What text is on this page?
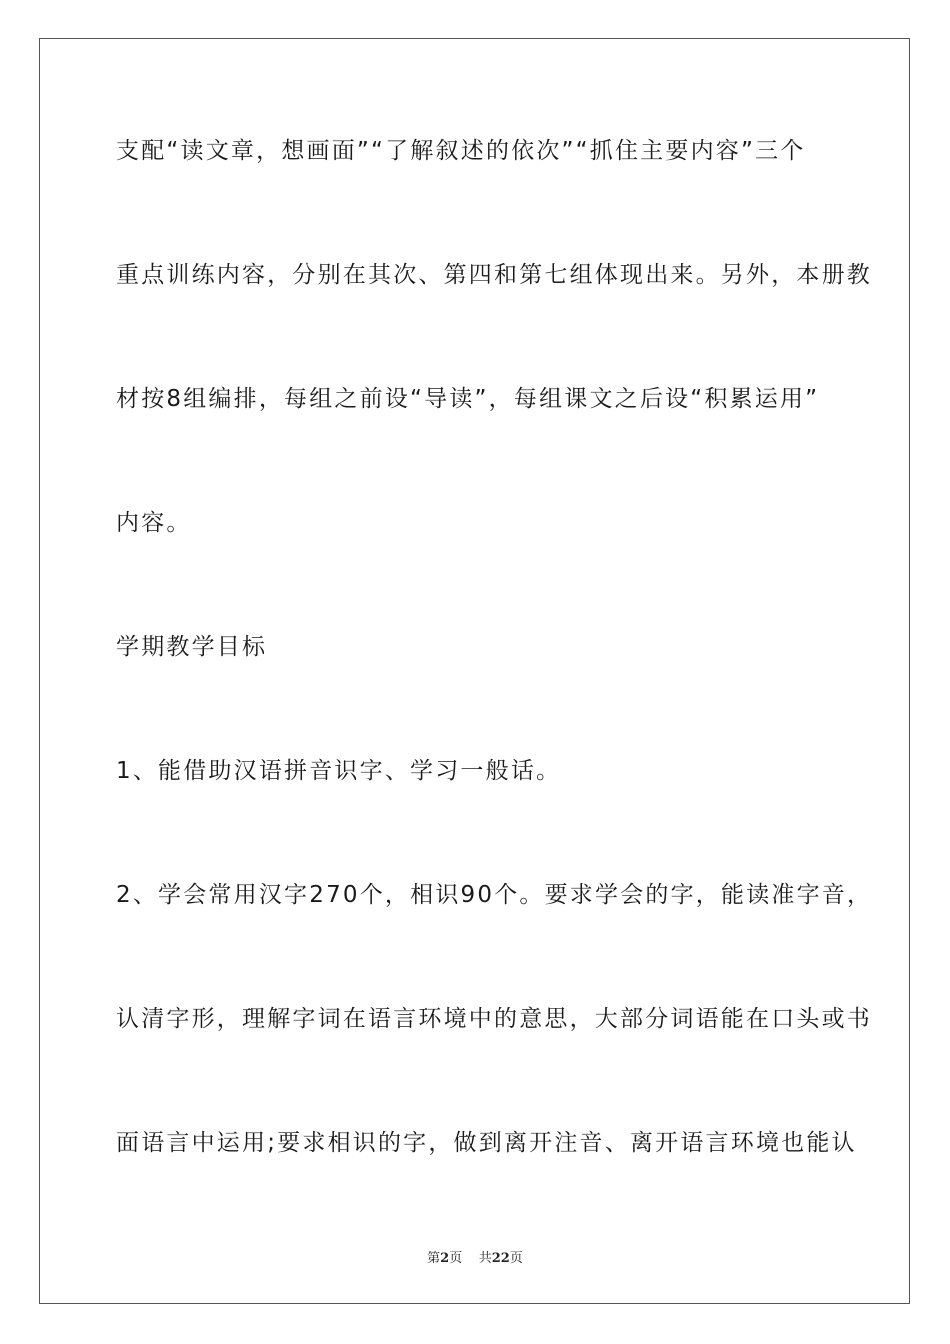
支配“读文章，想画面”“了解叙述的依次”“抓住主要内容”三个
重点训练内容，分别在其次、第四和第七组体现出来。另外，本册教
材按8组编排，每组之前设“导读”，每组课文之后设“积累运用”
内容。
学期教学目标
1、能借助汉语拼音识字、学习一般话。
2、学会常用汉字270个，相识90个。要求学会的字，能读准字音，
认清字形，理解字词在语言环境中的意思，大部分词语能在口头或书
面语言中运用;要求相识的字，做到离开注音、离开语言环境也能认
第2页 共22页
